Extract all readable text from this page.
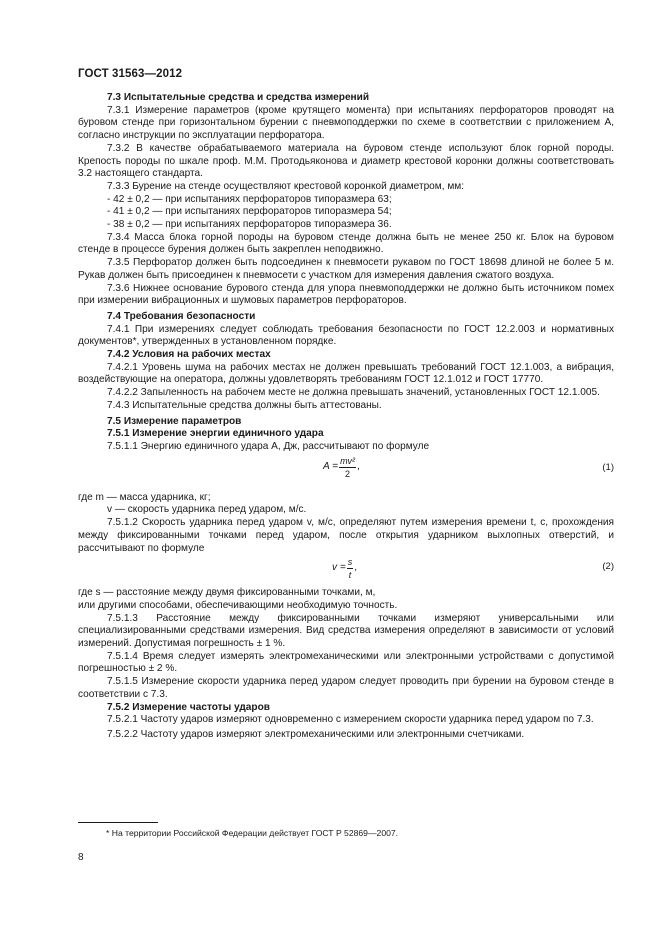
ГОСТ 31563—2012

7.3 Испытательные средства и средства измерений

7.3.1 Измерение параметров (кроме крутящего момента) при испытаниях перфораторов проводят на буровом стенде при горизонтальном бурении с пневмоподдержки по схеме в соответствии с приложением А, согласно инструкции по эксплуатации перфоратора.

7.3.2 В качестве обрабатываемого материала на буровом стенде используют блок горной породы. Крепость породы по шкале проф. М.М. Протодьяконова и диаметр крестовой коронки должны соответствовать 3.2 настоящего стандарта.

7.3.3 Бурение на стенде осуществляют крестовой коронкой диаметром, мм:

- 42 ± 0,2 — при испытаниях перфораторов типоразмера 63;

- 41 ± 0,2 — при испытаниях перфораторов типоразмера 54;

- 38 ± 0,2 — при испытаниях перфораторов типоразмера 36.

7.3.4 Масса блока горной породы на буровом стенде должна быть не менее 250 кг. Блок на буровом стенде в процессе бурения должен быть закреплен неподвижно.

7.3.5 Перфоратор должен быть подсоединен к пневмосети рукавом по ГОСТ 18698 длиной не более 5 м. Рукав должен быть присоединен к пневмосети с участком для измерения давления сжатого воздуха.

7.3.6 Нижнее основание бурового стенда для упора пневмоподдержки не должно быть источником помех при измерении вибрационных и шумовых параметров перфораторов.

7.4 Требования безопасности

7.4.1 При измерениях следует соблюдать требования безопасности по ГОСТ 12.2.003 и нормативных документов*, утвержденных в установленном порядке.

7.4.2 Условия на рабочих местах

7.4.2.1 Уровень шума на рабочих местах не должен превышать требований ГОСТ 12.1.003, а вибрация, воздействующие на оператора, должны удовлетворять требованиям ГОСТ 12.1.012 и ГОСТ 17770.

7.4.2.2 Запыленность на рабочем месте не должна превышать значений, установленных ГОСТ 12.1.005.

7.4.3 Испытательные средства должны быть аттестованы.

7.5 Измерение параметров

7.5.1 Измерение энергии единичного удара

7.5.1.1 Энергию единичного удара А, Дж, рассчитывают по формуле

$A = \frac{\text{mv²}}{2}$ ,	(1)

где m — масса ударника, кг;

v — скорость ударника перед ударом, м/с.

7.5.1.2 Скорость ударника перед ударом v, м/с, определяют путем измерения времени t, с, прохождения между фиксированными точками перед ударом, после открытия ударником выхлопных отверстий, и рассчитывают по формуле

$v = \frac{s}{t}$ ,	(2)

где s — расстояние между двумя фиксированными точками, м,

или другими способами, обеспечивающими необходимую точность.

7.5.1.3 Расстояние между фиксированными точками измеряют универсальными или специализированными средствами измерения. Вид средства измерения определяют в зависимости от условий измерений. Допустимая погрешность ± 1 %.

7.5.1.4 Время следует измерять электромеханическими или электронными устройствами с допустимой погрешностью ± 2 %.

7.5.1.5 Измерение скорости ударника перед ударом следует проводить при бурении на буровом стенде в соответствии с 7.3.

7.5.2 Измерение частоты ударов

7.5.2.1 Частоту ударов измеряют одновременно с измерением скорости ударника перед ударом по 7.3.

7.5.2.2 Частоту ударов измеряют электромеханическими или электронными счетчиками.

* На территории Российской Федерации действует ГОСТ Р 52869—2007.
8
